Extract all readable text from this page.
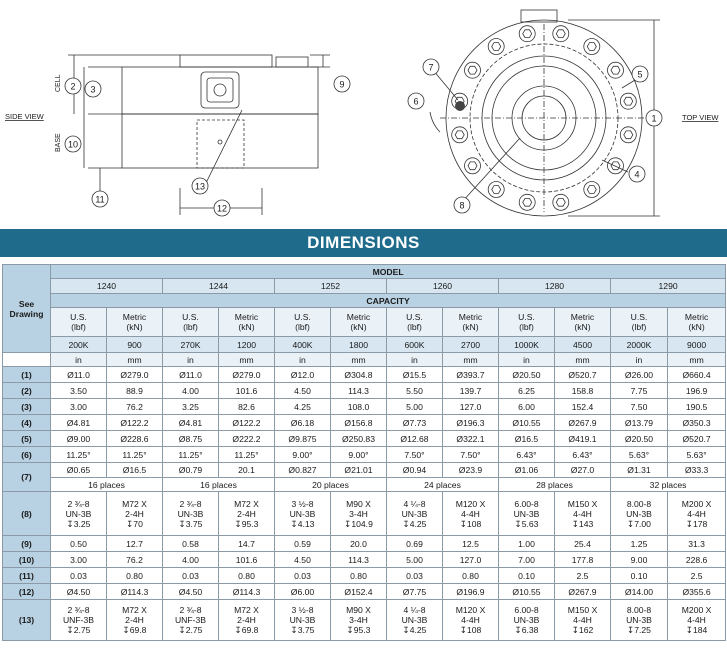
SIDE VIEW
CELL
BASE
2 3
10
11
13
12
9
TOP VIEW
1
5
4
7
6
8
DIMENSIONS
See Drawing	MODEL											
	1240		1244		1252		1260		1280		1290	
	CAPACITY											
	U.S.
(lbf)	Metric
(kN)	U.S.
(lbf)	Metric
(kN)	U.S.
(lbf)	Metric
(kN)	U.S.
(lbf)	Metric
(kN)	U.S.
(lbf)	Metric
(kN)	U.S.
(lbf)	Metric
(kN)
	200K	900	270K	1200	400K	1800	600K	2700	1000K	4500	2000K	9000
	in	mm	in	mm	in	mm	in	mm	in	mm	in	mm
(1)	Ø11.0	Ø279.0	Ø11.0	Ø279.0	Ø12.0	Ø304.8	Ø15.5	Ø393.7	Ø20.50	Ø520.7	Ø26.00	Ø660.4
(2)	3.50	88.9	4.00	101.6	4.50	114.3	5.50	139.7	6.25	158.8	7.75	196.9
(3)	3.00	76.2	3.25	82.6	4.25	108.0	5.00	127.0	6.00	152.4	7.50	190.5
(4)	Ø4.81	Ø122.2	Ø4.81	Ø122.2	Ø6.18	Ø156.8	Ø7.73	Ø196.3	Ø10.55	Ø267.9	Ø13.79	Ø350.3
(5)	Ø9.00	Ø228.6	Ø8.75	Ø222.2	Ø9.875	Ø250.83	Ø12.68	Ø322.1	Ø16.5	Ø419.1	Ø20.50	Ø520.7
(6)	11.25°	11.25°	11.25°	11.25°	9.00°	9.00°	7.50°	7.50°	6.43°	6.43°	5.63°	5.63°
(7)	Ø0.65	Ø16.5	Ø0.79	20.1	Ø0.827	Ø21.01	Ø0.94	Ø23.9	Ø1.06	Ø27.0	Ø1.31	Ø33.3
	16 places		16 places		20 places		24 places		28 places		32 places	
(8)	2 ¾-8
UN-3B
↧3.25	M72 X
2-4H
↧70	2 ¾-8
UN-3B
↧3.75	M72 X
2-4H
↧95.3	3 ½-8
UN-3B
↧4.13	M90 X
3-4H
↧104.9	4 ¼-8
UN-3B
↧4.25	M120 X
4-4H
↧108	6.00-8
UN-3B
↧5.63	M150 X
4-4H
↧143	8.00-8
UN-3B
↧7.00	M200 X
4-4H
↧178
(9)	0.50	12.7	0.58	14.7	0.59	20.0	0.69	12.5	1.00	25.4	1.25	31.3
(10)	3.00	76.2	4.00	101.6	4.50	114.3	5.00	127.0	7.00	177.8	9.00	228.6
(11)	0.03	0.80	0.03	0.80	0.03	0.80	0.03	0.80	0.10	2.5	0.10	2.5
(12)	Ø4.50	Ø114.3	Ø4.50	Ø114.3	Ø6.00	Ø152.4	Ø7.75	Ø196.9	Ø10.55	Ø267.9	Ø14.00	Ø355.6
(13)	2 ¾-8
UNF-3B
↧2.75	M72 X
2-4H
↧69.8	2 ¾-8
UNF-3B
↧2.75	M72 X
2-4H
↧69.8	3 ½-8
UN-3B
↧3.75	M90 X
3-4H
↧95.3	4 ¼-8
UN-3B
↧4.25	M120 X
4-4H
↧108	6.00-8
UN-3B
↧6.38	M150 X
4-4H
↧162	8.00-8
UN-3B
↧7.25	M200 X
4-4H
↧184
